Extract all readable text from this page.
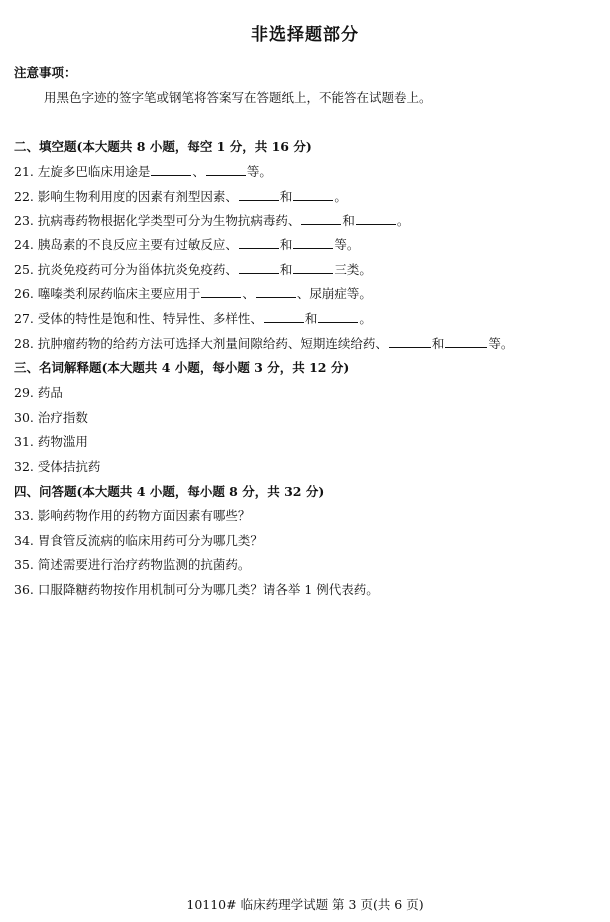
非选择题部分
注意事项：
用黑色字迹的签字笔或钢笔将答案写在答题纸上，不能答在试题卷上。
二、填空题(本大题共 8 小题，每空 1 分，共 16 分)
21. 左旋多巴临床用途是	、	等。
22. 影响生物利用度的因素有剂型因素、	和	。
23. 抗病毒药物根据化学类型可分为生物抗病毒药、	和	。
24. 胰岛素的不良反应主要有过敏反应、	和	等。
25. 抗炎免疫药可分为甾体抗炎免疫药、	和	三类。
26. 噻嗪类利尿药临床主要应用于	、	、尿崩症等。
27. 受体的特性是饱和性、特异性、多样性、	和	。
28. 抗肿瘤药物的给药方法可选择大剂量间隙给药、短期连续给药、	和	等。
三、名词解释题(本大题共 4 小题，每小题 3 分，共 12 分)
29. 药品
30. 治疗指数
31. 药物滥用
32. 受体拮抗药
四、问答题(本大题共 4 小题，每小题 8 分，共 32 分)
33. 影响药物作用的药物方面因素有哪些？
34. 胃食管反流病的临床用药可分为哪几类？
35. 简述需要进行治疗药物监测的抗菌药。
36. 口服降糖药物按作用机制可分为哪几类？请各举 1 例代表药。
10110# 临床药理学试题 第 3 页(共 6 页)
